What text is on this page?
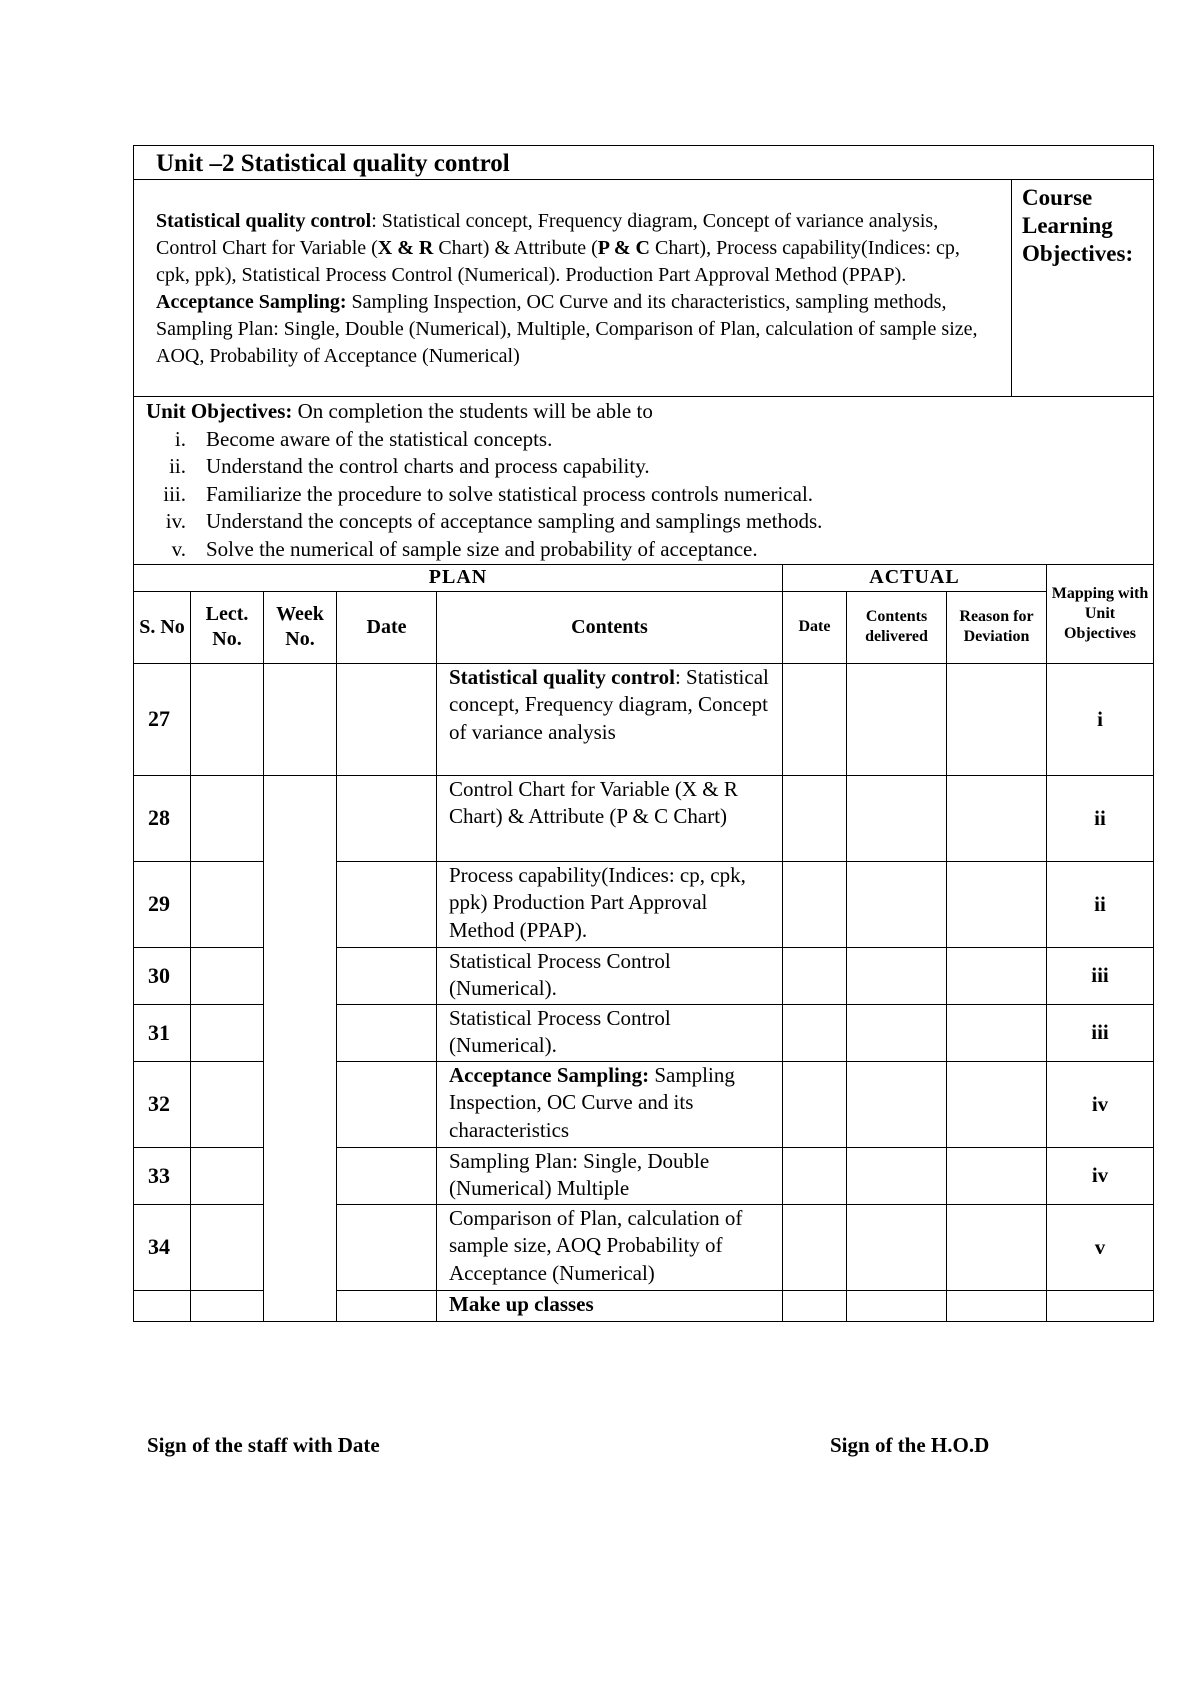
Unit –2 Statistical quality control
Statistical quality control: Statistical concept, Frequency diagram, Concept of variance analysis, Control Chart for Variable (X & R Chart) & Attribute (P & C Chart), Process capability(Indices: cp, cpk, ppk), Statistical Process Control (Numerical). Production Part Approval Method (PPAP).
Acceptance Sampling: Sampling Inspection, OC Curve and its characteristics, sampling methods, Sampling Plan: Single, Double (Numerical), Multiple, Comparison of Plan, calculation of sample size, AOQ, Probability of Acceptance (Numerical)	Course Learning Objectives:

Unit Objectives: On completion the students will be able to
i. Become aware of the statistical concepts.
ii. Understand the control charts and process capability.
iii. Familiarize the procedure to solve statistical process controls numerical.
iv. Understand the concepts of acceptance sampling and samplings methods.
v. Solve the numerical of sample size and probability of acceptance.
PLAN					ACTUAL			Mapping with Unit Objectives
S. No	Lect. No.	Week No.	Date	Contents	Date	Contents delivered	Reason for Deviation	
27				Statistical quality control: Statistical concept, Frequency diagram, Concept of variance analysis				i
28				Control Chart for Variable (X & R Chart) & Attribute (P & C Chart)				ii
29				Process capability(Indices: cp, cpk, ppk) Production Part Approval Method (PPAP).				ii
30				Statistical Process Control (Numerical).				iii
31				Statistical Process Control (Numerical).				iii
32				Acceptance Sampling: Sampling Inspection, OC Curve and its characteristics				iv
33				Sampling Plan: Single, Double (Numerical) Multiple				iv
34				Comparison of Plan, calculation of sample size, AOQ Probability of Acceptance (Numerical)				v
				Make up classes				
Sign of the staff with Date	Sign of the H.O.D
